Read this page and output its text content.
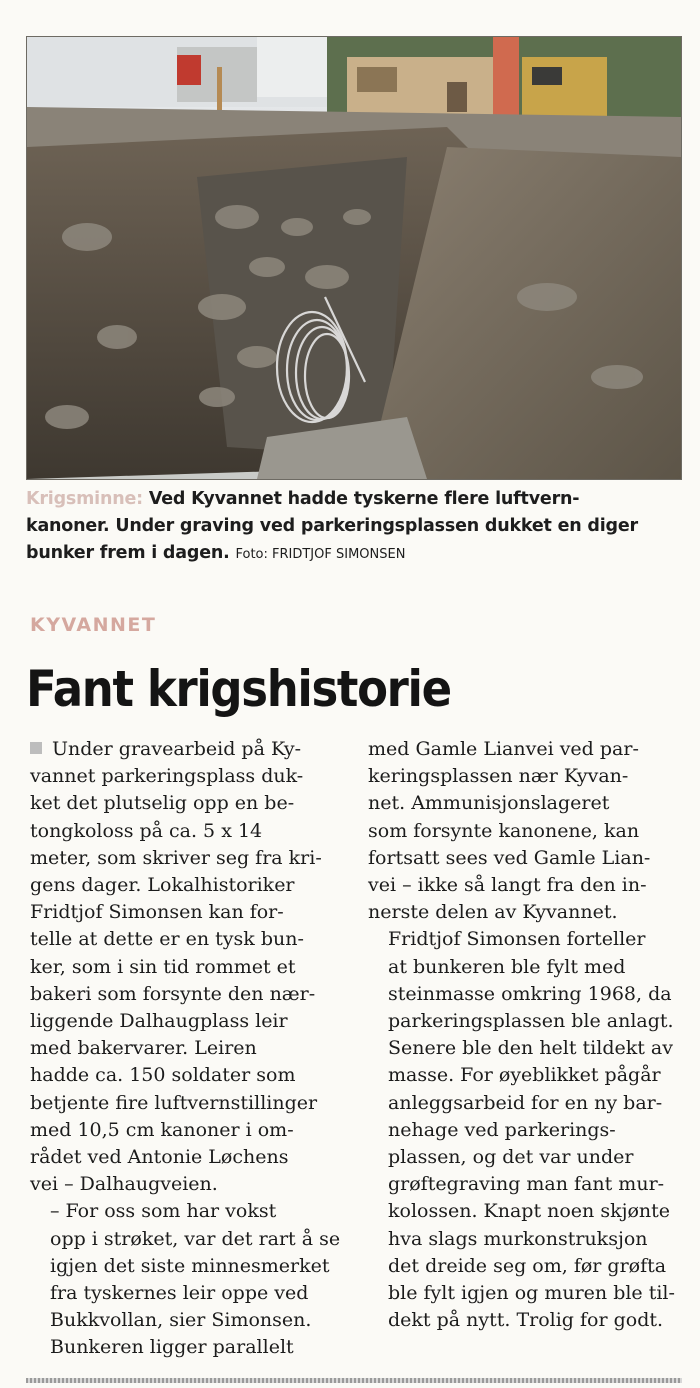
Krigsminne: Ved Kyvannet hadde tyskerne flere luftvern-
kanoner. Under graving ved parkeringsplassen dukket en diger
bunker frem i dagen. Foto: FRIDTJOF SIMONSEN
KYVANNET
Fant krigshistorie

Under gravearbeid på Ky-
vannet parkeringsplass duk-
ket det plutselig opp en be-
tongkoloss på ca. 5 x 14
meter, som skriver seg fra kri-
gens dager. Lokalhistoriker
Fridtjof Simonsen kan for-
telle at dette er en tysk bun-
ker, som i sin tid rommet et
bakeri som forsynte den nær-
liggende Dalhaugplass leir
med bakervarer. Leiren
hadde ca. 150 soldater som
betjente fire luftvernstillinger
med 10,5 cm kanoner i om-
rådet ved Antonie Løchens
vei – Dalhaugveien.

– For oss som har vokst
opp i strøket, var det rart å se
igjen det siste minnesmerket
fra tyskernes leir oppe ved
Bukkvollan, sier Simonsen.
Bunkeren ligger parallelt

med Gamle Lianvei ved par-
keringsplassen nær Kyvan-
net. Ammunisjonslageret
som forsynte kanonene, kan
fortsatt sees ved Gamle Lian-
vei – ikke så langt fra den in-
nerste delen av Kyvannet.

Fridtjof Simonsen forteller
at bunkeren ble fylt med
steinmasse omkring 1968, da
parkeringsplassen ble anlagt.
Senere ble den helt tildekt av
masse. For øyeblikket pågår
anleggsarbeid for en ny bar-
nehage ved parkerings-
plassen, og det var under
grøftegraving man fant mur-
kolossen. Knapt noen skjønte
hva slags murkonstruksjon
det dreide seg om, før grøfta
ble fylt igjen og muren ble til-
dekt på nytt. Trolig for godt.
